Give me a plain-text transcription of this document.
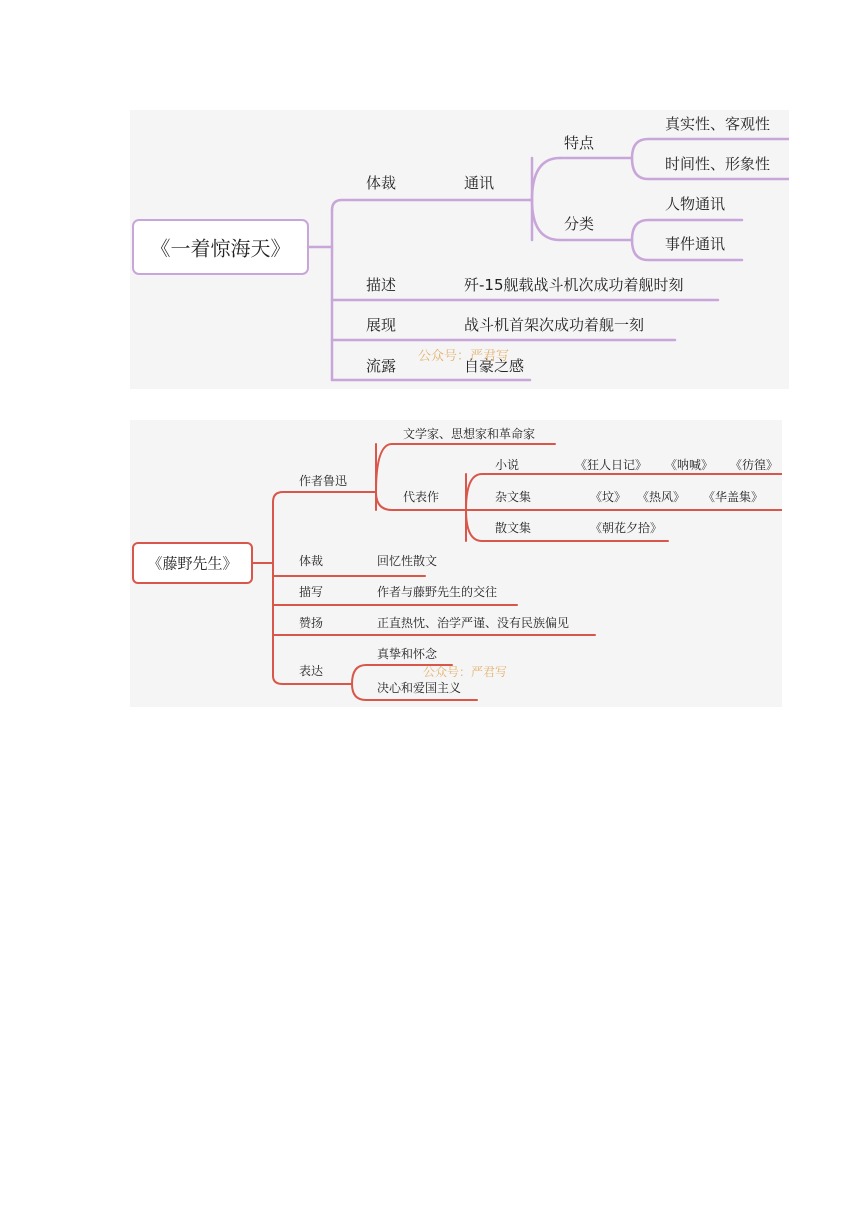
《一着惊海天》
体裁	通讯
特点
真实性、客观性
时间性、形象性
分类
人物通讯
事件通讯
描述	歼-15舰载战斗机次成功着舰时刻
展现	战斗机首架次成功着舰一刻
流露	自豪之感
公众号：严君写
《藤野先生》
作者鲁迅
文学家、思想家和革命家
代表作
小说	《狂人日记》 《呐喊》 《彷徨》
杂文集	《坟》 《热风》 《华盖集》
散文集	《朝花夕拾》
体裁	回忆性散文
描写	作者与藤野先生的交往
赞扬	正直热忱、治学严谨、没有民族偏见
表达
真挚和怀念
决心和爱国主义
公众号：严君写
